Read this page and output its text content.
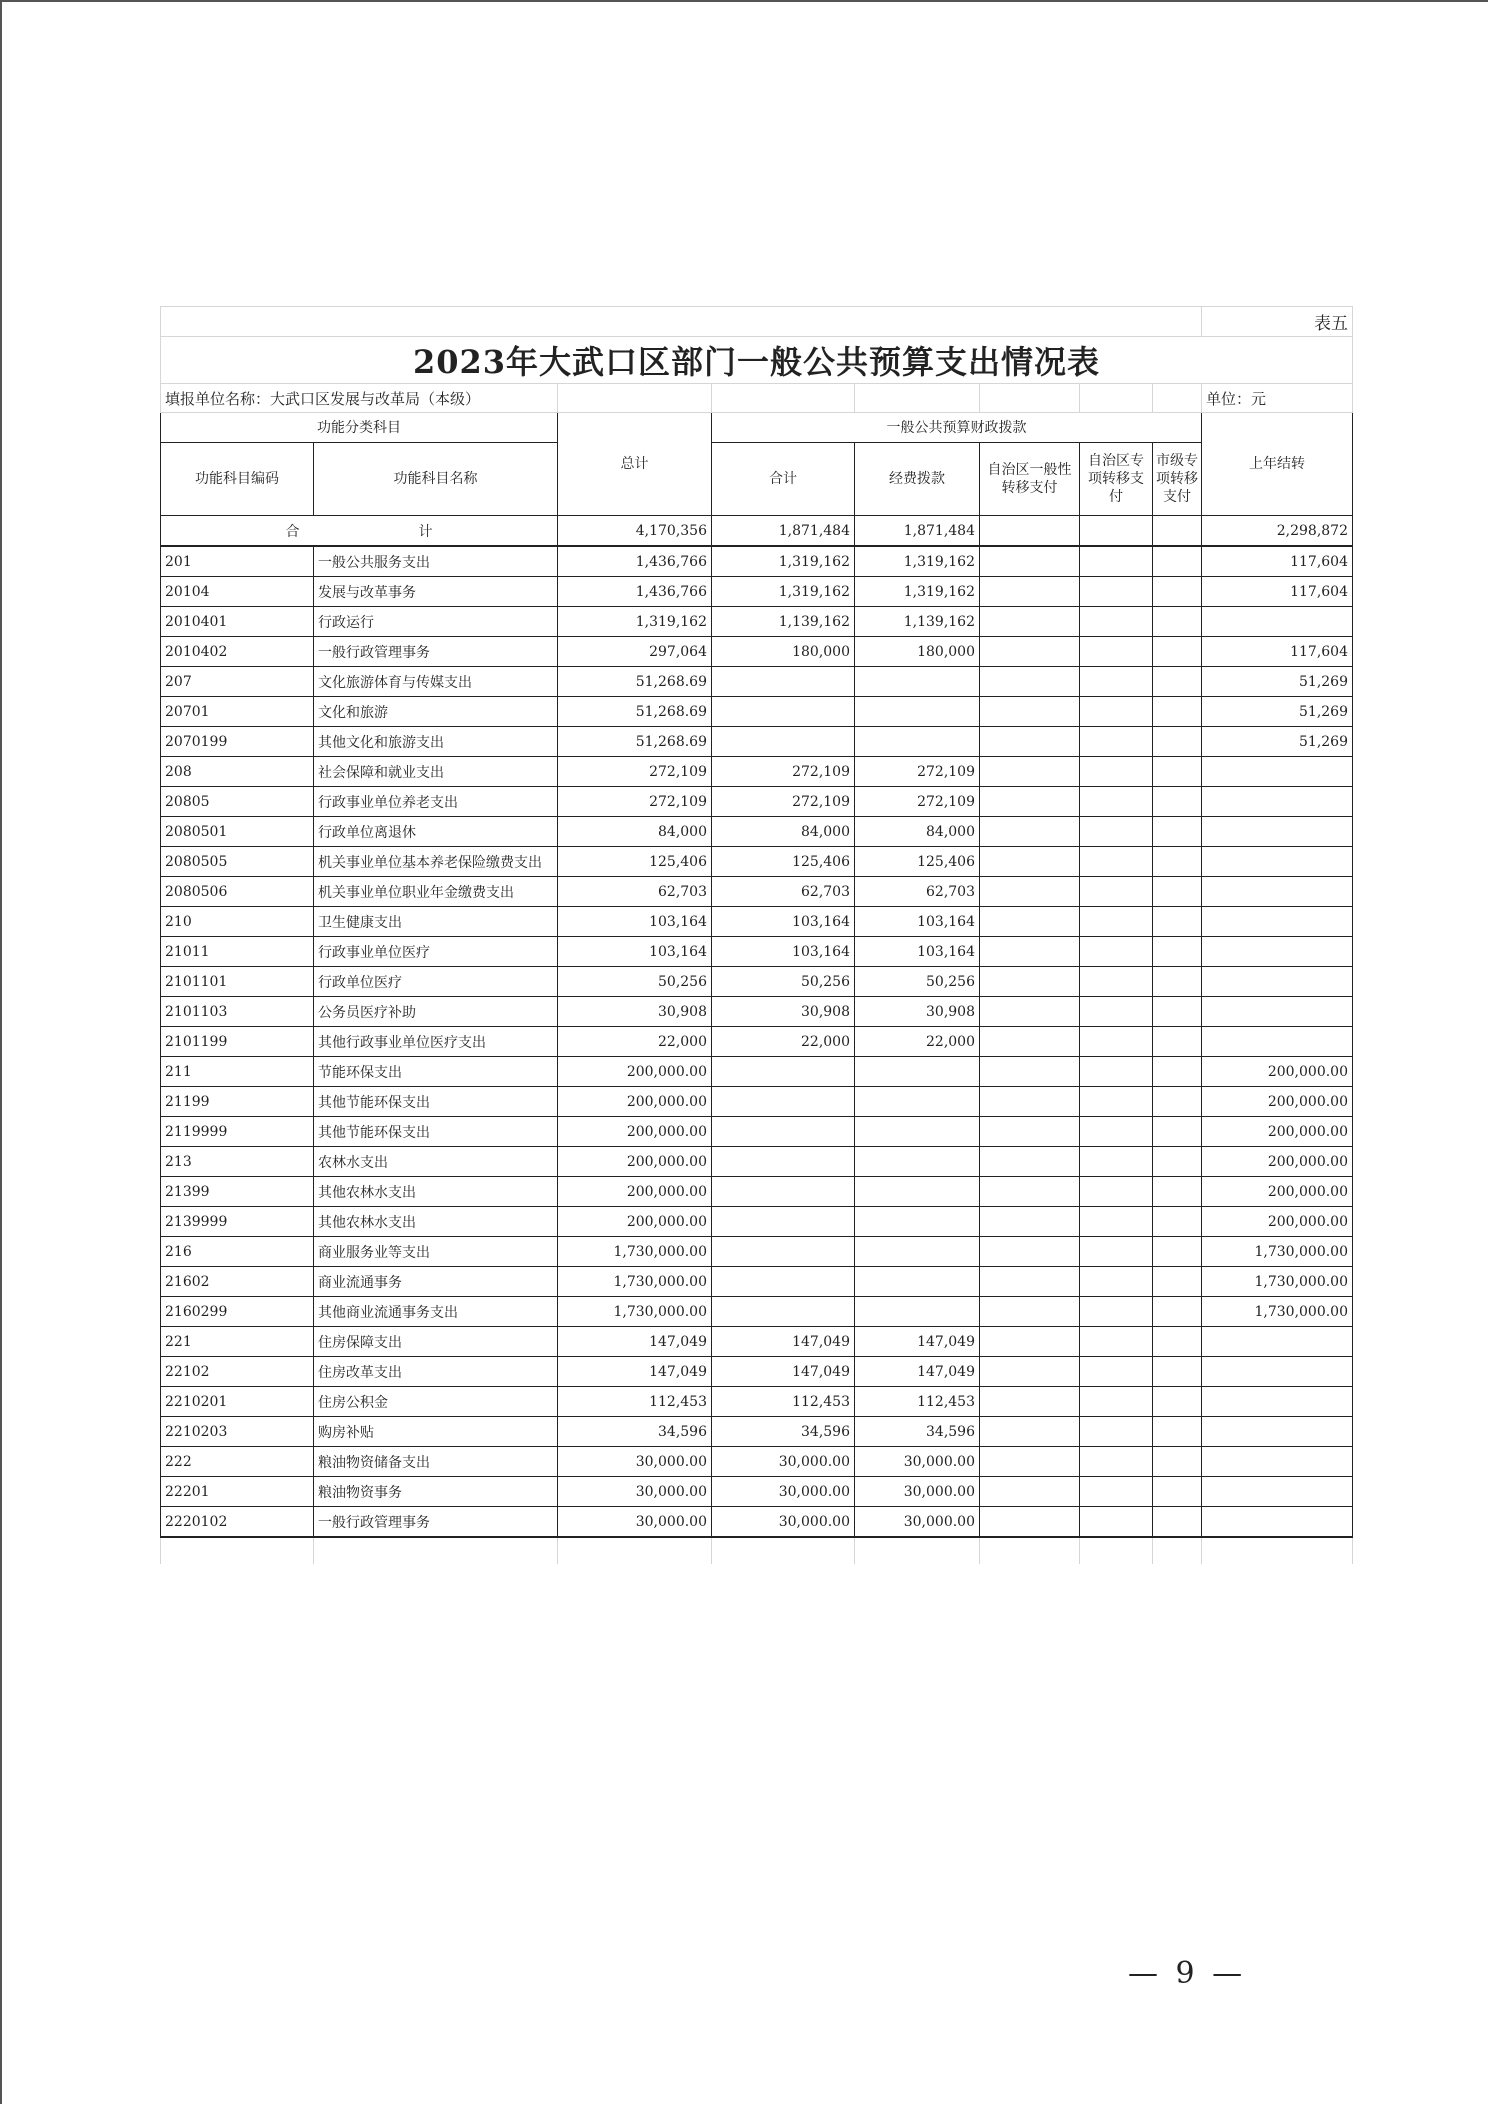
								表五
2023年大武口区部门一般公共预算支出情况表								
填报单位名称：大武口区发展与改革局（本级）								单位：元
功能分类科目		总计	一般公共预算财政拨款					上年结转
功能科目编码	功能科目名称		合计	经费拨款	自治区一般性转移支付	自治区专项转移支付	市级专项转移支付	
合 计		4,170,356	1,871,484	1,871,484				2,298,872
201	一般公共服务支出	1,436,766	1,319,162	1,319,162				117,604
20104	发展与改革事务	1,436,766	1,319,162	1,319,162				117,604
2010401	行政运行	1,319,162	1,139,162	1,139,162				
2010402	一般行政管理事务	297,064	180,000	180,000				117,604
207	文化旅游体育与传媒支出	51,268.69						51,269
20701	文化和旅游	51,268.69						51,269
2070199	其他文化和旅游支出	51,268.69						51,269
208	社会保障和就业支出	272,109	272,109	272,109				
20805	行政事业单位养老支出	272,109	272,109	272,109				
2080501	行政单位离退休	84,000	84,000	84,000				
2080505	机关事业单位基本养老保险缴费支出	125,406	125,406	125,406				
2080506	机关事业单位职业年金缴费支出	62,703	62,703	62,703				
210	卫生健康支出	103,164	103,164	103,164				
21011	行政事业单位医疗	103,164	103,164	103,164				
2101101	行政单位医疗	50,256	50,256	50,256				
2101103	公务员医疗补助	30,908	30,908	30,908				
2101199	其他行政事业单位医疗支出	22,000	22,000	22,000				
211	节能环保支出	200,000.00						200,000.00
21199	其他节能环保支出	200,000.00						200,000.00
2119999	其他节能环保支出	200,000.00						200,000.00
213	农林水支出	200,000.00						200,000.00
21399	其他农林水支出	200,000.00						200,000.00
2139999	其他农林水支出	200,000.00						200,000.00
216	商业服务业等支出	1,730,000.00						1,730,000.00
21602	商业流通事务	1,730,000.00						1,730,000.00
2160299	其他商业流通事务支出	1,730,000.00						1,730,000.00
221	住房保障支出	147,049	147,049	147,049				
22102	住房改革支出	147,049	147,049	147,049				
2210201	住房公积金	112,453	112,453	112,453				
2210203	购房补贴	34,596	34,596	34,596				
222	粮油物资储备支出	30,000.00	30,000.00	30,000.00				
22201	粮油物资事务	30,000.00	30,000.00	30,000.00				
2220102	一般行政管理事务	30,000.00	30,000.00	30,000.00				

— 9 —
